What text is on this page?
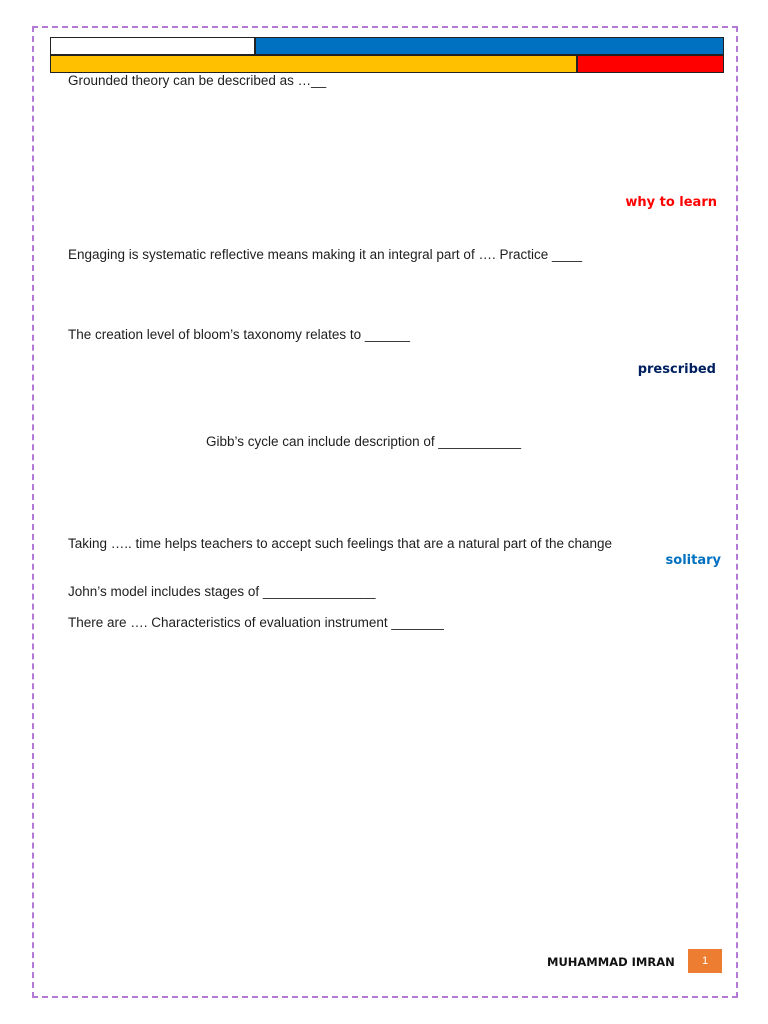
Grounded theory can be described as …__
why to learn
Engaging is systematic reflective means making it an integral part of …. Practice ____
The creation level of bloom’s taxonomy relates to ______
prescribed
Gibb’s cycle can include description of ___________
Taking ….. time helps teachers to accept such feelings that are a natural part of the change
solitary
John’s model includes stages of _______________
There are …. Characteristics of evaluation instrument _______
MUHAMMAD IMRAN	1
